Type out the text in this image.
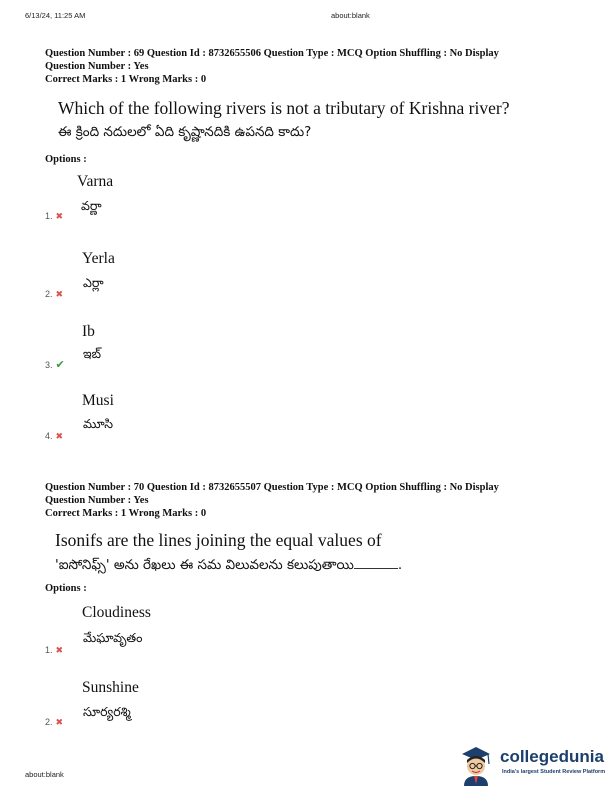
6/13/24, 11:25 AM	about:blank
Question Number : 69 Question Id : 8732655506 Question Type : MCQ Option Shuffling : No Display
Question Number : Yes
Correct Marks : 1 Wrong Marks : 0
Which of the following rivers is not a tributary of Krishna river?
ఈ క్రింది నదులలో ఏది కృష్ణానదికి ఉపనది కాదు?
Options :
Varna
వర్ణా
1. ✖
Yerla
ఎర్లా
2. ✖
Ib
ఇబ్
3. ✔
Musi
మూసి
4. ✖
Question Number : 70 Question Id : 8732655507 Question Type : MCQ Option Shuffling : No Display
Question Number : Yes
Correct Marks : 1 Wrong Marks : 0
Isonifs are the lines joining the equal values of
'ఐసోనిఫ్స్' అను రేఖలు ఈ సమ విలువలను కలుపుతాయి	.
Options :
Cloudiness
మేఘావృతం
1. ✖
Sunshine
సూర్యరశ్మి
2. ✖
about:blank
collegedunia
India's largest Student Review Platform
